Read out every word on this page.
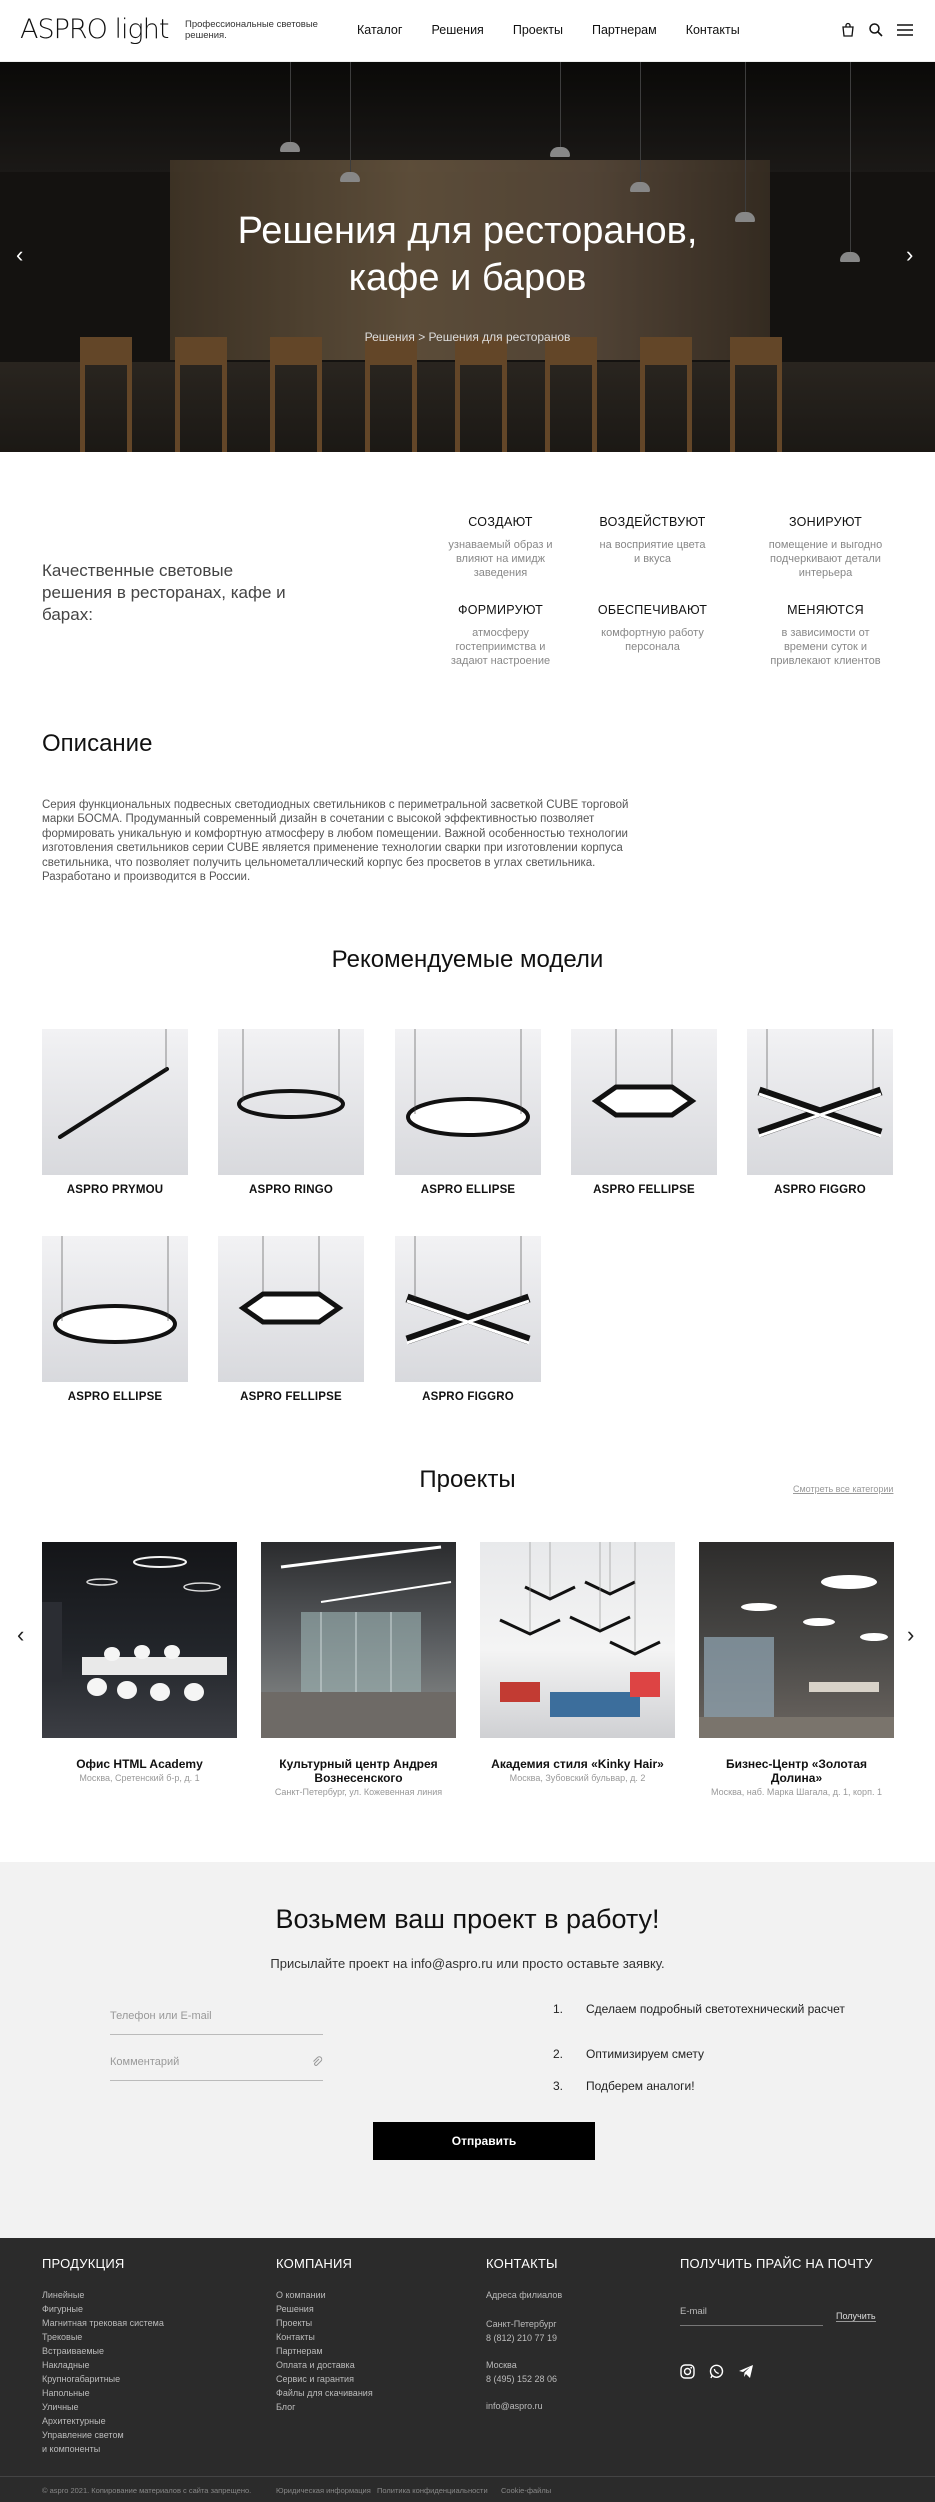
ASPRO light Профессиональные световые решения.	Каталог Решения Проекты Партнерам Контакты
Решения для ресторанов,
кафе и баров
Решения > Решения для ресторанов
‹	›
Качественные световые решения в ресторанах, кафе и барах:
СОЗДАЮТ

узнаваемый образ и влияют на имидж заведения

ВОЗДЕЙСТВУЮТ

на восприятие цвета и вкуса

ЗОНИРУЮТ

помещение и выгодно подчеркивают детали интерьера

ФОРМИРУЮТ

атмосферу гостеприимства и задают настроение

ОБЕСПЕЧИВАЮТ

комфортную работу персонала

МЕНЯЮТСЯ

в зависимости от времени суток и привлекают клиентов

Описание
Серия функциональных подвесных светодиодных светильников с периметральной засветкой CUBE торговой марки БОСМА. Продуманный современный дизайн в сочетании с высокой эффективностью позволяет формировать уникальную и комфортную атмосферу в любом помещении. Важной особенностью технологии изготовления светильников серии CUBE является применение технологии сварки при изготовлении корпуса светильника, что позволяет получить цельнометаллический корпус без просветов в углах светильника. Разработано и производится в России.
Рекомендуемые модели
ASPRO PRYMOU	ASPRO RINGO	ASPRO ELLIPSE	ASPRO FELLIPSE	ASPRO FIGGRO
ASPRO ELLIPSE	ASPRO FELLIPSE	ASPRO FIGGRO
Проекты	Смотреть все категории
‹	›
Офис HTML Academy
Москва, Сретенский б-р, д. 1
Культурный центр Андрея Вознесенского
Санкт-Петербург, ул. Кожевенная линия
Академия стиля «Kinky Hair»
Москва, Зубовский бульвар, д. 2
Бизнес-Центр «Золотая Долина»
Москва, наб. Марка Шагала, д. 1, корп. 1
Возьмем ваш проект в работу!
Присылайте проект на info@aspro.ru или просто оставьте заявку.
Телефон или E-mail
Комментарий
1.	Сделаем подробный светотехнический расчет
2.	Оптимизируем смету
3.	Подберем аналоги!
Отправить
ПРОДУКЦИЯ
Линейные
Фигурные
Магнитная трековая система
Трековые
Встраиваемые
Накладные
Крупногабаритные
Напольные
Уличные
Архитектурные
Управление светом
и компоненты
КОМПАНИЯ
О компании
Решения
Проекты
Контакты
Партнерам
Оплата и доставка
Сервис и гарантия
Файлы для скачивания
Блог
КОНТАКТЫ
Адреса филиалов
Санкт-Петербург
8 (812) 210 77 19
Москва
8 (495) 152 28 06
info@aspro.ru
ПОЛУЧИТЬ ПРАЙС НА ПОЧТУ
E-mail	Получить
© aspro 2021. Копирование материалов с сайта запрещено.	Юридическая информация Политика конфиденциальности Cookie-файлы
